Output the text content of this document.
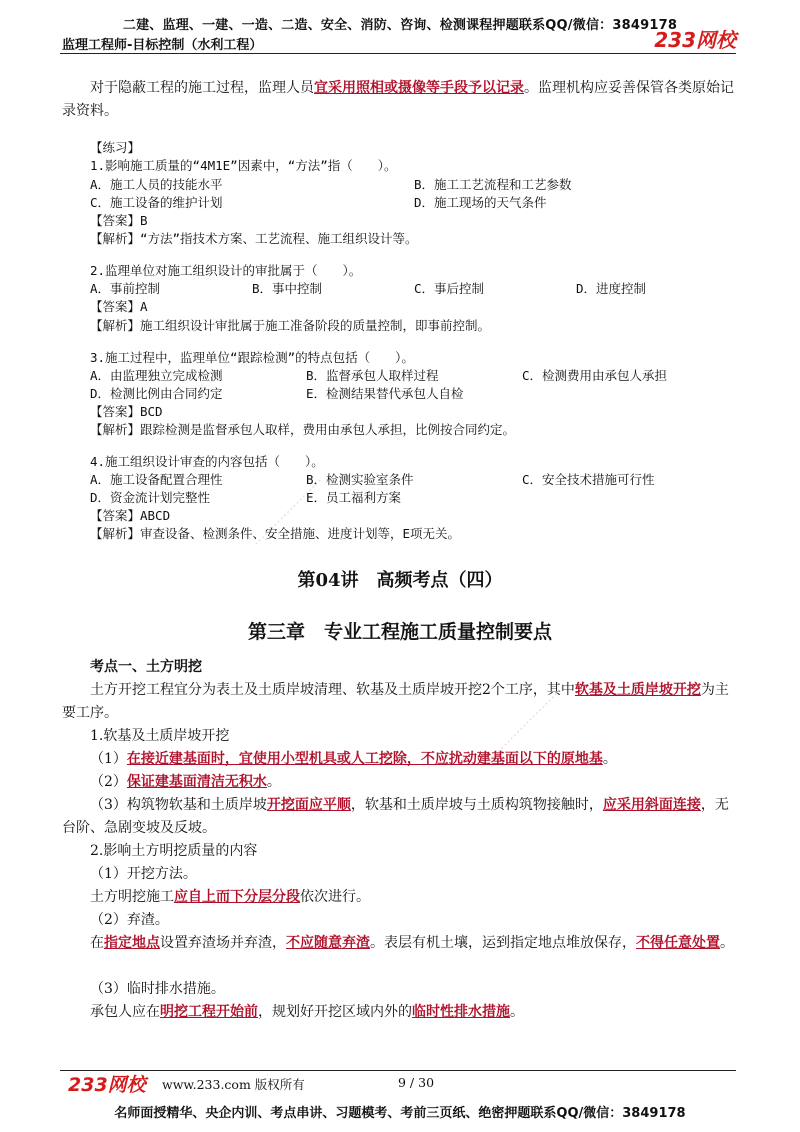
二建、监理、一建、一造、二造、安全、消防、咨询、检测课程押题联系QQ/微信：3849178
监理工程师-目标控制（水利工程）	233网校
对于隐蔽工程的施工过程，监理人员宜采用照相或摄像等手段予以记录。监理机构应妥善保管各类原始记录资料。
【练习】
1.影响施工质量的“4M1E”因素中，“方法”指（　　）。
A．施工人员的技能水平	B．施工工艺流程和工艺参数
C．施工设备的维护计划	D．施工现场的天气条件
【答案】B
【解析】“方法”指技术方案、工艺流程、施工组织设计等。
2.监理单位对施工组织设计的审批属于（　　）。
A．事前控制	B．事中控制	C．事后控制	D．进度控制
【答案】A
【解析】施工组织设计审批属于施工准备阶段的质量控制，即事前控制。
3.施工过程中，监理单位“跟踪检测”的特点包括（　　）。
A．由监理独立完成检测	B．监督承包人取样过程	C．检测费用由承包人承担
D．检测比例由合同约定	E．检测结果替代承包人自检
【答案】BCD
【解析】跟踪检测是监督承包人取样，费用由承包人承担，比例按合同约定。
4.施工组织设计审查的内容包括（　　）。
A．施工设备配置合理性	B．检测实验室条件	C．安全技术措施可行性
D．资金流计划完整性	E．员工福利方案
【答案】ABCD
【解析】审查设备、检测条件、安全措施、进度计划等，E项无关。
第04讲　高频考点（四）
第三章　专业工程施工质量控制要点
考点一、土方明挖
土方开挖工程宜分为表土及土质岸坡清理、软基及土质岸坡开挖2个工序，其中软基及土质岸坡开挖为主要工序。
1.软基及土质岸坡开挖
（1）在接近建基面时，宜使用小型机具或人工挖除，不应扰动建基面以下的原地基。
（2）保证建基面清洁无积水。
（3）构筑物软基和土质岸坡开挖面应平顺，软基和土质岸坡与土质构筑物接触时，应采用斜面连接，无台阶、急剧变坡及反坡。
2.影响土方明挖质量的内容
（1）开挖方法。
土方明挖施工应自上而下分层分段依次进行。
（2）弃渣。
在指定地点设置弃渣场并弃渣，不应随意弃渣。表层有机土壤，运到指定地点堆放保存，不得任意处置。
（3）临时排水措施。
承包人应在明挖工程开始前，规划好开挖区域内外的临时性排水措施。
·····················
·························
233网校 www.233.com 版权所有	9 / 30
名师面授精华、央企内训、考点串讲、习题模考、考前三页纸、绝密押题联系QQ/微信：3849178
